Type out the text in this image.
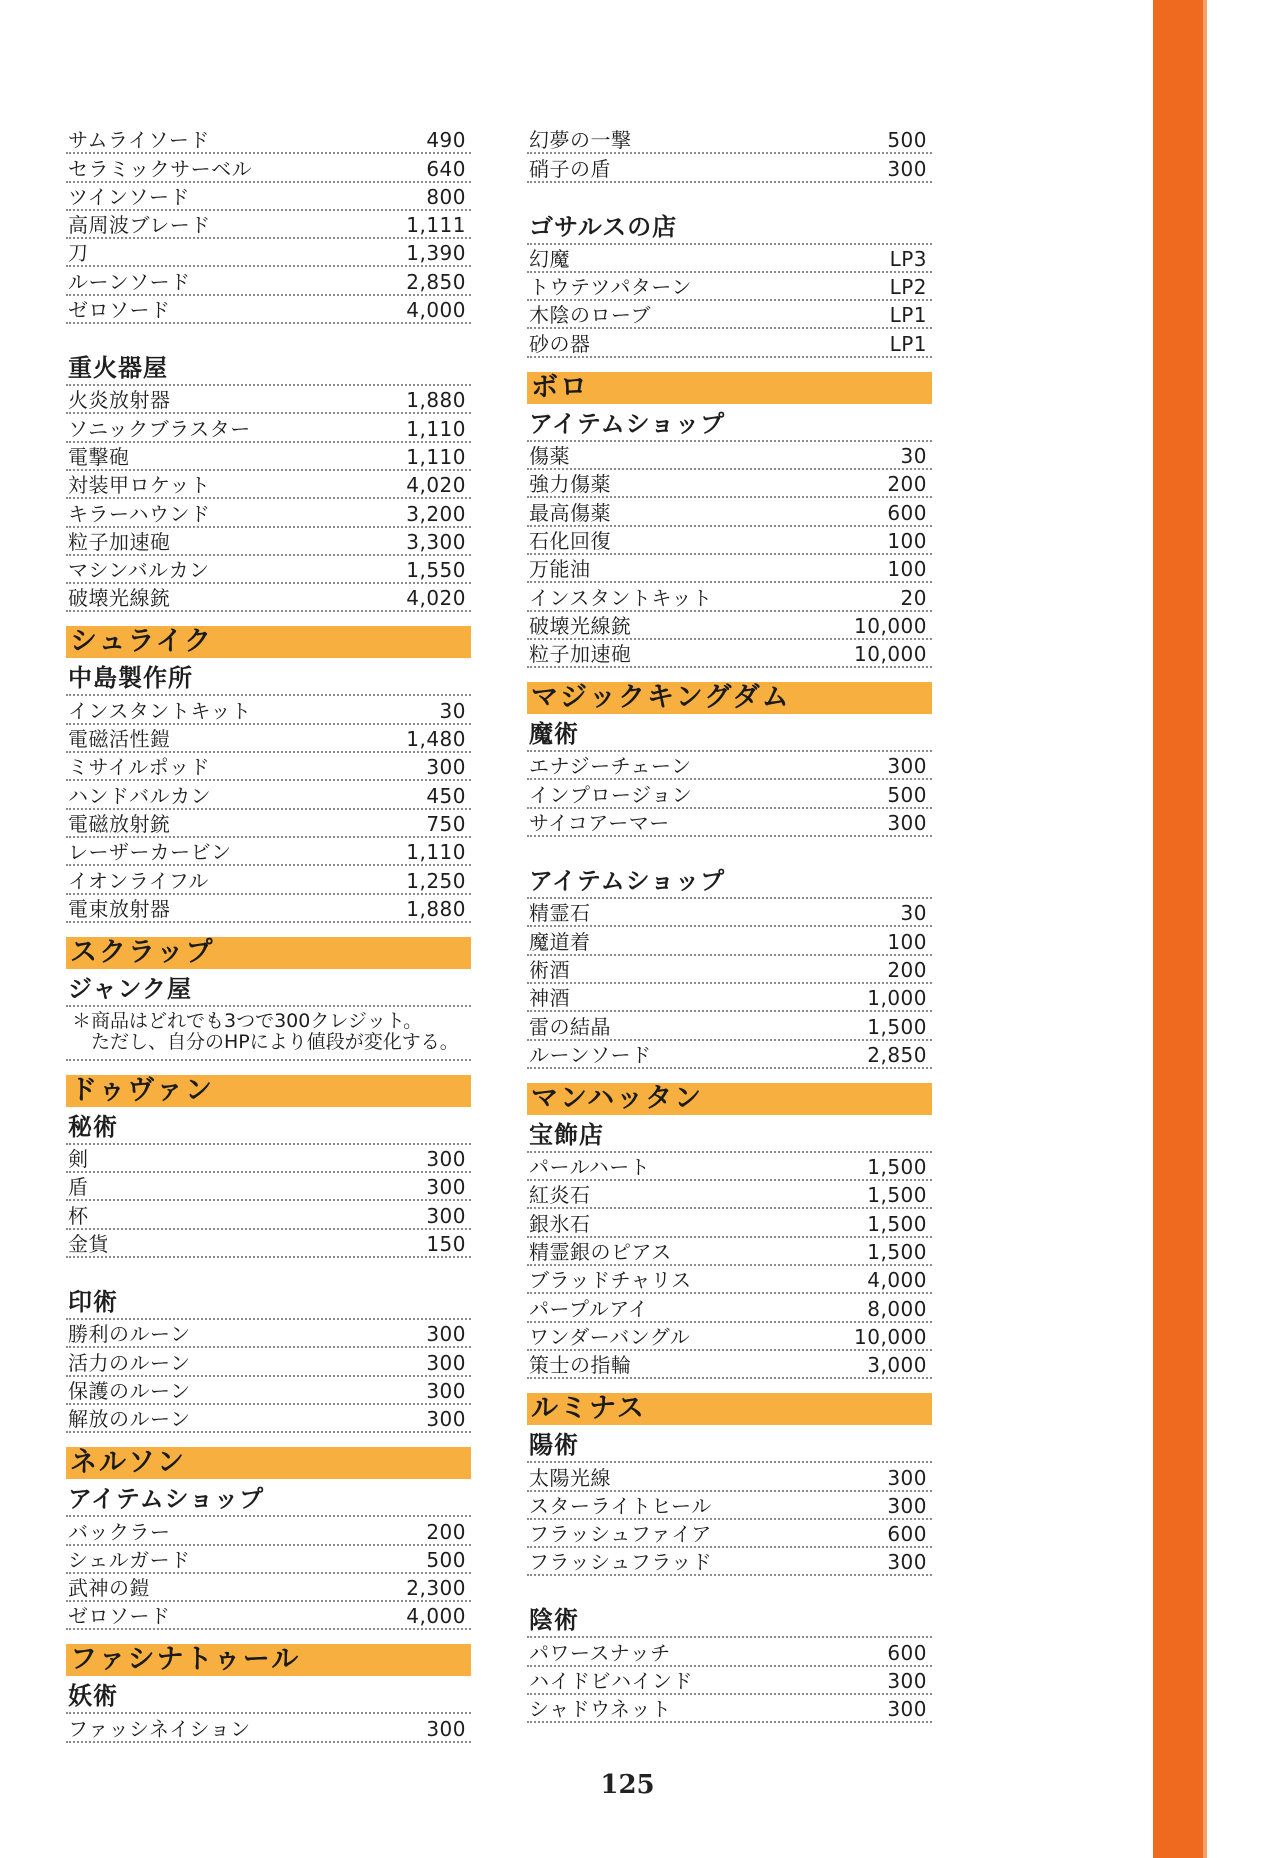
サムライソード	490
セラミックサーベル	640
ツインソード	800
高周波ブレード	1,111
刀	1,390
ルーンソード	2,850
ゼロソード	4,000
重火器屋
火炎放射器	1,880
ソニックブラスター	1,110
電撃砲	1,110
対装甲ロケット	4,020
キラーハウンド	3,200
粒子加速砲	3,300
マシンバルカン	1,550
破壊光線銃	4,020
シュライク
中島製作所
インスタントキット	30
電磁活性鎧	1,480
ミサイルポッド	300
ハンドバルカン	450
電磁放射銃	750
レーザーカービン	1,110
イオンライフル	1,250
電束放射器	1,880
スクラップ
ジャンク屋
＊商品はどれでも3つで300クレジット。
ただし、自分のHPにより値段が変化する。
ドゥヴァン
秘術
剣	300
盾	300
杯	300
金貨	150
印術
勝利のルーン	300
活力のルーン	300
保護のルーン	300
解放のルーン	300
ネルソン
アイテムショップ
バックラー	200
シェルガード	500
武神の鎧	2,300
ゼロソード	4,000
ファシナトゥール
妖術
ファッシネイション	300
幻夢の一撃	500
硝子の盾	300
ゴサルスの店
幻魔	LP3
トウテツパターン	LP2
木陰のローブ	LP1
砂の器	LP1
ボロ
アイテムショップ
傷薬	30
強力傷薬	200
最高傷薬	600
石化回復	100
万能油	100
インスタントキット	20
破壊光線銃	10,000
粒子加速砲	10,000
マジックキングダム
魔術
エナジーチェーン	300
インプロージョン	500
サイコアーマー	300
アイテムショップ
精霊石	30
魔道着	100
術酒	200
神酒	1,000
雷の結晶	1,500
ルーンソード	2,850
マンハッタン
宝飾店
パールハート	1,500
紅炎石	1,500
銀氷石	1,500
精霊銀のピアス	1,500
ブラッドチャリス	4,000
パープルアイ	8,000
ワンダーバングル	10,000
策士の指輪	3,000
ルミナス
陽術
太陽光線	300
スターライトヒール	300
フラッシュファイア	600
フラッシュフラッド	300
陰術
パワースナッチ	600
ハイドビハインド	300
シャドウネット	300
125
